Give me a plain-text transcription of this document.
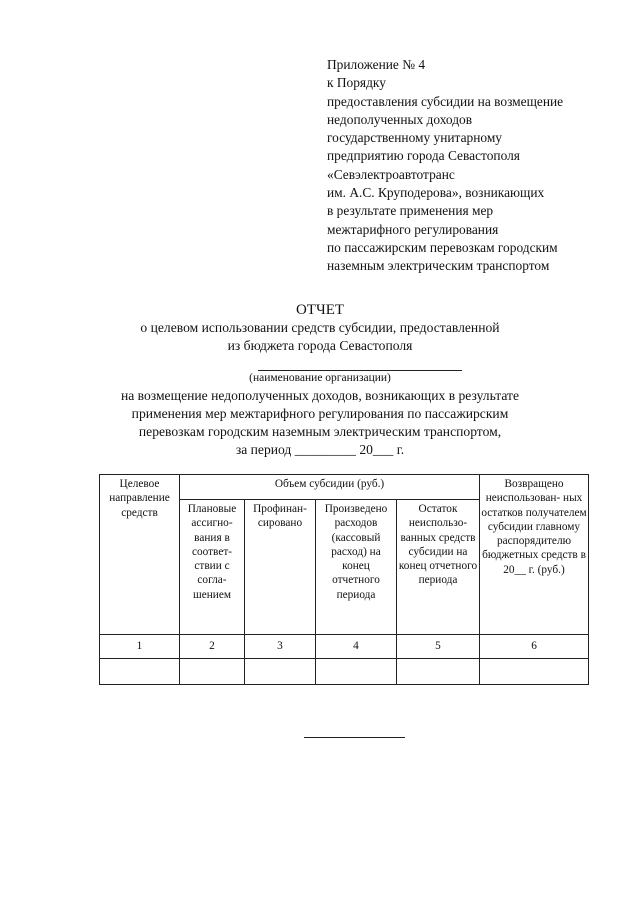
Приложение № 4
к Порядку
предоставления субсидии на возмещение
недополученных доходов
государственному унитарному
предприятию города Севастополя
«Севэлектроавтотранс
им. А.С. Круподерова», возникающих
в результате применения мер
межтарифного регулирования
по пассажирским перевозкам городским
наземным электрическим транспортом
ОТЧЕТ
о целевом использовании средств субсидии, предоставленной
из бюджета города Севастополя
(наименование организации)
на возмещение недополученных доходов, возникающих в результате
применения мер межтарифного регулирования по пассажирским
перевозкам городским наземным электрическим транспортом,
за период _________ 20___ г.
Целевое направление средств	Объем субсидии (руб.)				Возвращено неиспользован- ных остатков получателем субсидии главному распорядителю бюджетных средств в 20__ г. (руб.)
	Плановые ассигно- вания в соответ- ствии с согла- шением	Профинан- сировано	Произведено расходов (кассовый расход) на конец отчетного периода	Остаток неиспользо- ванных средств субсидии на конец отчетного периода	
1	2	3	4	5	6
